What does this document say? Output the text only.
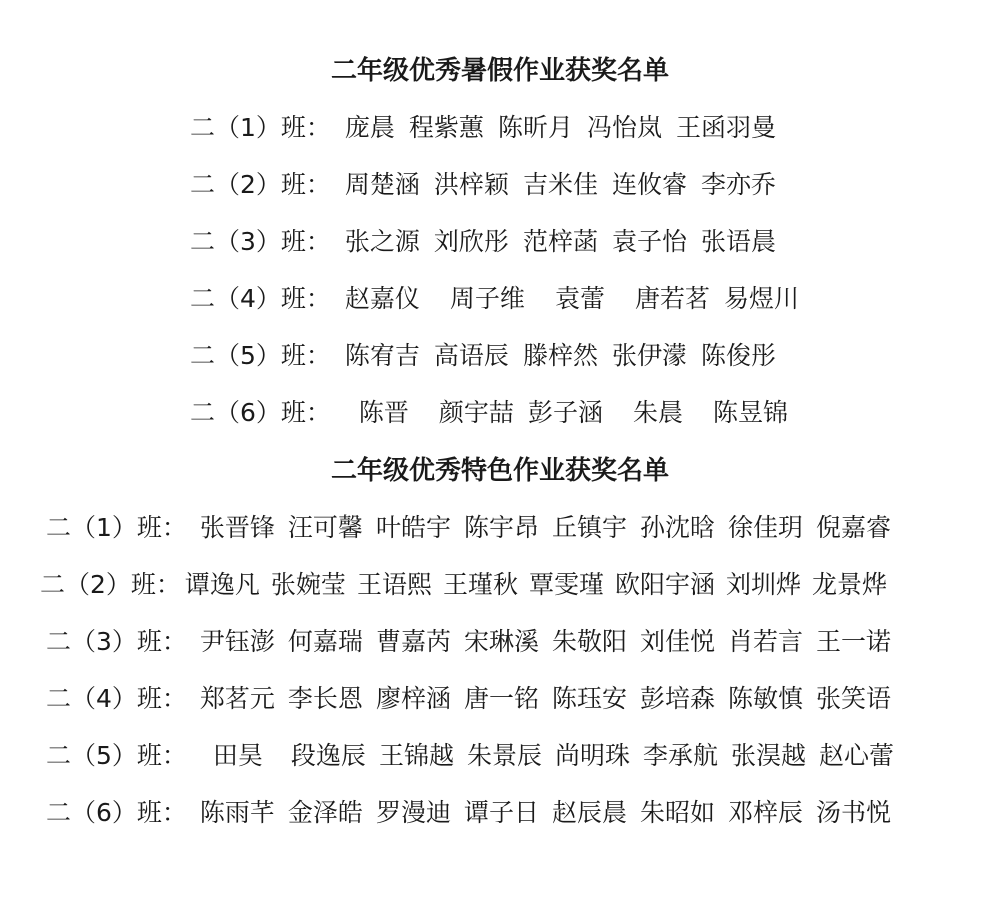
二年级优秀暑假作业获奖名单
二（1）班： 庞晨 程紫蕙 陈昕月 冯怡岚 王函羽曼
二（2）班： 周楚涵 洪梓颖 吉米佳 连攸睿 李亦乔
二（3）班： 张之源 刘欣彤 范梓菡 袁子怡 张语晨
二（4）班： 赵嘉仪 周子维 袁蕾 唐若茗 易煜川
二（5）班： 陈宥吉 高语辰 滕梓然 张伊濛 陈俊彤
二（6）班： 陈晋 颜宇喆 彭子涵 朱晨 陈昱锦
二年级优秀特色作业获奖名单
二（1）班： 张晋锋 汪可馨 叶皓宇 陈宇昂 丘镇宇 孙沈晗 徐佳玥 倪嘉睿
二（2）班： 谭逸凡 张婉莹 王语熙 王瑾秋 覃雯瑾 欧阳宇涵 刘圳烨 龙景烨
二（3）班： 尹钰澎 何嘉瑞 曹嘉芮 宋琳溪 朱敬阳 刘佳悦 肖若言 王一诺
二（4）班： 郑茗元 李长恩 廖梓涵 唐一铭 陈珏安 彭培森 陈敏慎 张笑语
二（5）班： 田昊 段逸辰 王锦越 朱景辰 尚明珠 李承航 张淏越 赵心蕾
二（6）班： 陈雨芊 金泽皓 罗漫迪 谭子日 赵辰晨 朱昭如 邓梓辰 汤书悦
